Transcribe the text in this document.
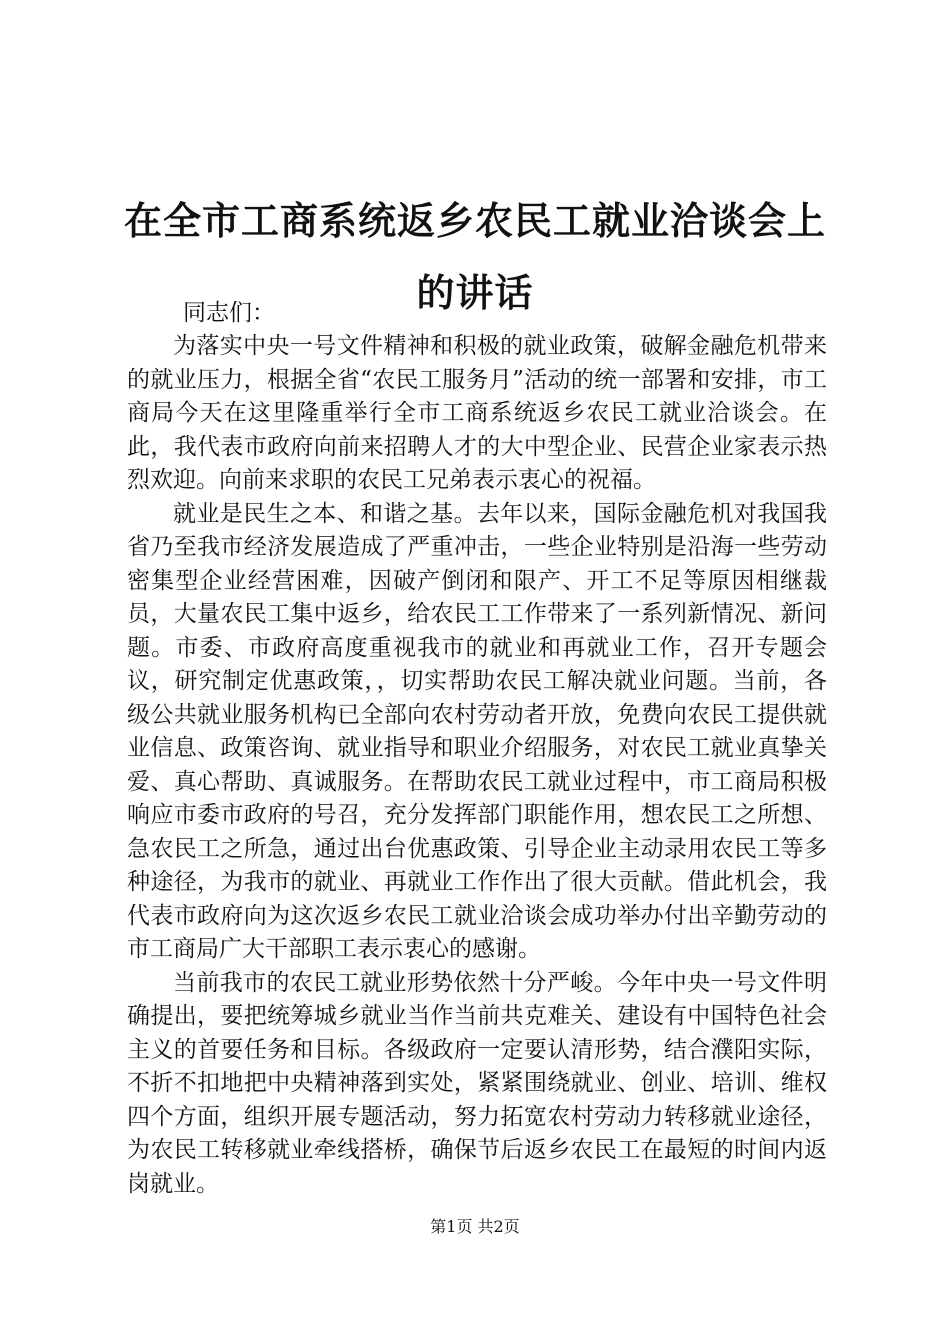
在全市工商系统返乡农民工就业洽谈会上的讲话
同志们：

为落实中央一号文件精神和积极的就业政策，破解金融危机带来的就业压力，根据全省“农民工服务月”活动的统一部署和安排，市工商局今天在这里隆重举行全市工商系统返乡农民工就业洽谈会。在此，我代表市政府向前来招聘人才的大中型企业、民营企业家表示热烈欢迎。向前来求职的农民工兄弟表示衷心的祝福。

就业是民生之本、和谐之基。去年以来，国际金融危机对我国我省乃至我市经济发展造成了严重冲击，一些企业特别是沿海一些劳动密集型企业经营困难，因破产倒闭和限产、开工不足等原因相继裁员，大量农民工集中返乡，给农民工工作带来了一系列新情况、新问题。市委、市政府高度重视我市的就业和再就业工作，召开专题会议，研究制定优惠政策，，切实帮助农民工解决就业问题。当前，各级公共就业服务机构已全部向农村劳动者开放，免费向农民工提供就业信息、政策咨询、就业指导和职业介绍服务，对农民工就业真挚关爱、真心帮助、真诚服务。在帮助农民工就业过程中，市工商局积极响应市委市政府的号召，充分发挥部门职能作用，想农民工之所想、急农民工之所急，通过出台优惠政策、引导企业主动录用农民工等多种途径，为我市的就业、再就业工作作出了很大贡献。借此机会，我代表市政府向为这次返乡农民工就业洽谈会成功举办付出辛勤劳动的市工商局广大干部职工表示衷心的感谢。

当前我市的农民工就业形势依然十分严峻。今年中央一号文件明确提出，要把统筹城乡就业当作当前共克难关、建设有中国特色社会主义的首要任务和目标。各级政府一定要认清形势，结合濮阳实际，不折不扣地把中央精神落到实处，紧紧围绕就业、创业、培训、维权四个方面，组织开展专题活动，努力拓宽农村劳动力转移就业途径，为农民工转移就业牵线搭桥，确保节后返乡农民工在最短的时间内返岗就业。

第1页 共2页
